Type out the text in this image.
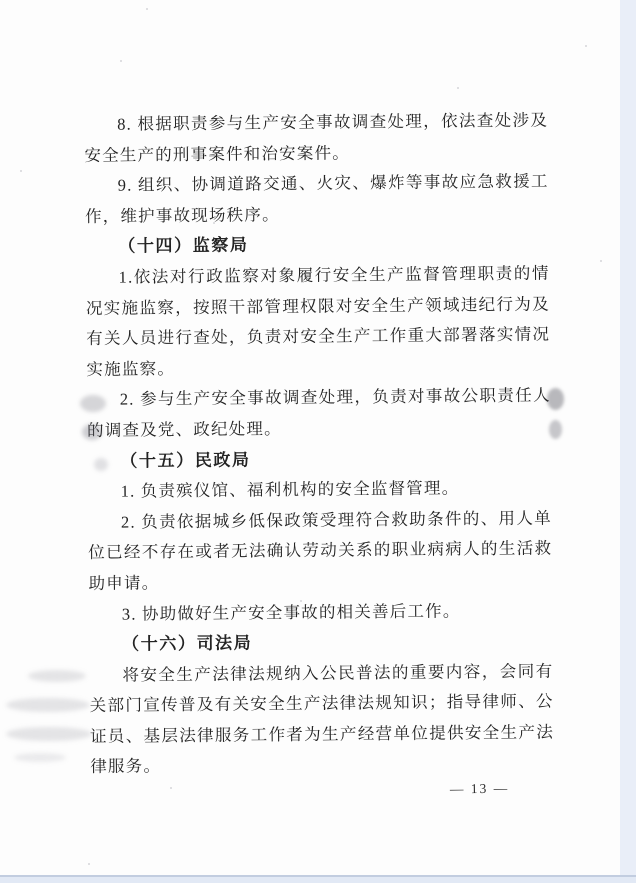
8. 根据职责参与生产安全事故调查处理，依法查处涉及安全生产的刑事案件和治安案件。

9. 组织、协调道路交通、火灾、爆炸等事故应急救援工作，维护事故现场秩序。

（十四）监察局

1.依法对行政监察对象履行安全生产监督管理职责的情况实施监察，按照干部管理权限对安全生产领域违纪行为及有关人员进行查处，负责对安全生产工作重大部署落实情况实施监察。

2. 参与生产安全事故调查处理，负责对事故公职责任人的调查及党、政纪处理。

（十五）民政局

1. 负责殡仪馆、福利机构的安全监督管理。

2. 负责依据城乡低保政策受理符合救助条件的、用人单位已经不存在或者无法确认劳动关系的职业病病人的生活救助申请。

3. 协助做好生产安全事故的相关善后工作。

（十六）司法局

将安全生产法律法规纳入公民普法的重要内容，会同有关部门宣传普及有关安全生产法律法规知识；指导律师、公证员、基层法律服务工作者为生产经营单位提供安全生产法律服务。

— 13 —
